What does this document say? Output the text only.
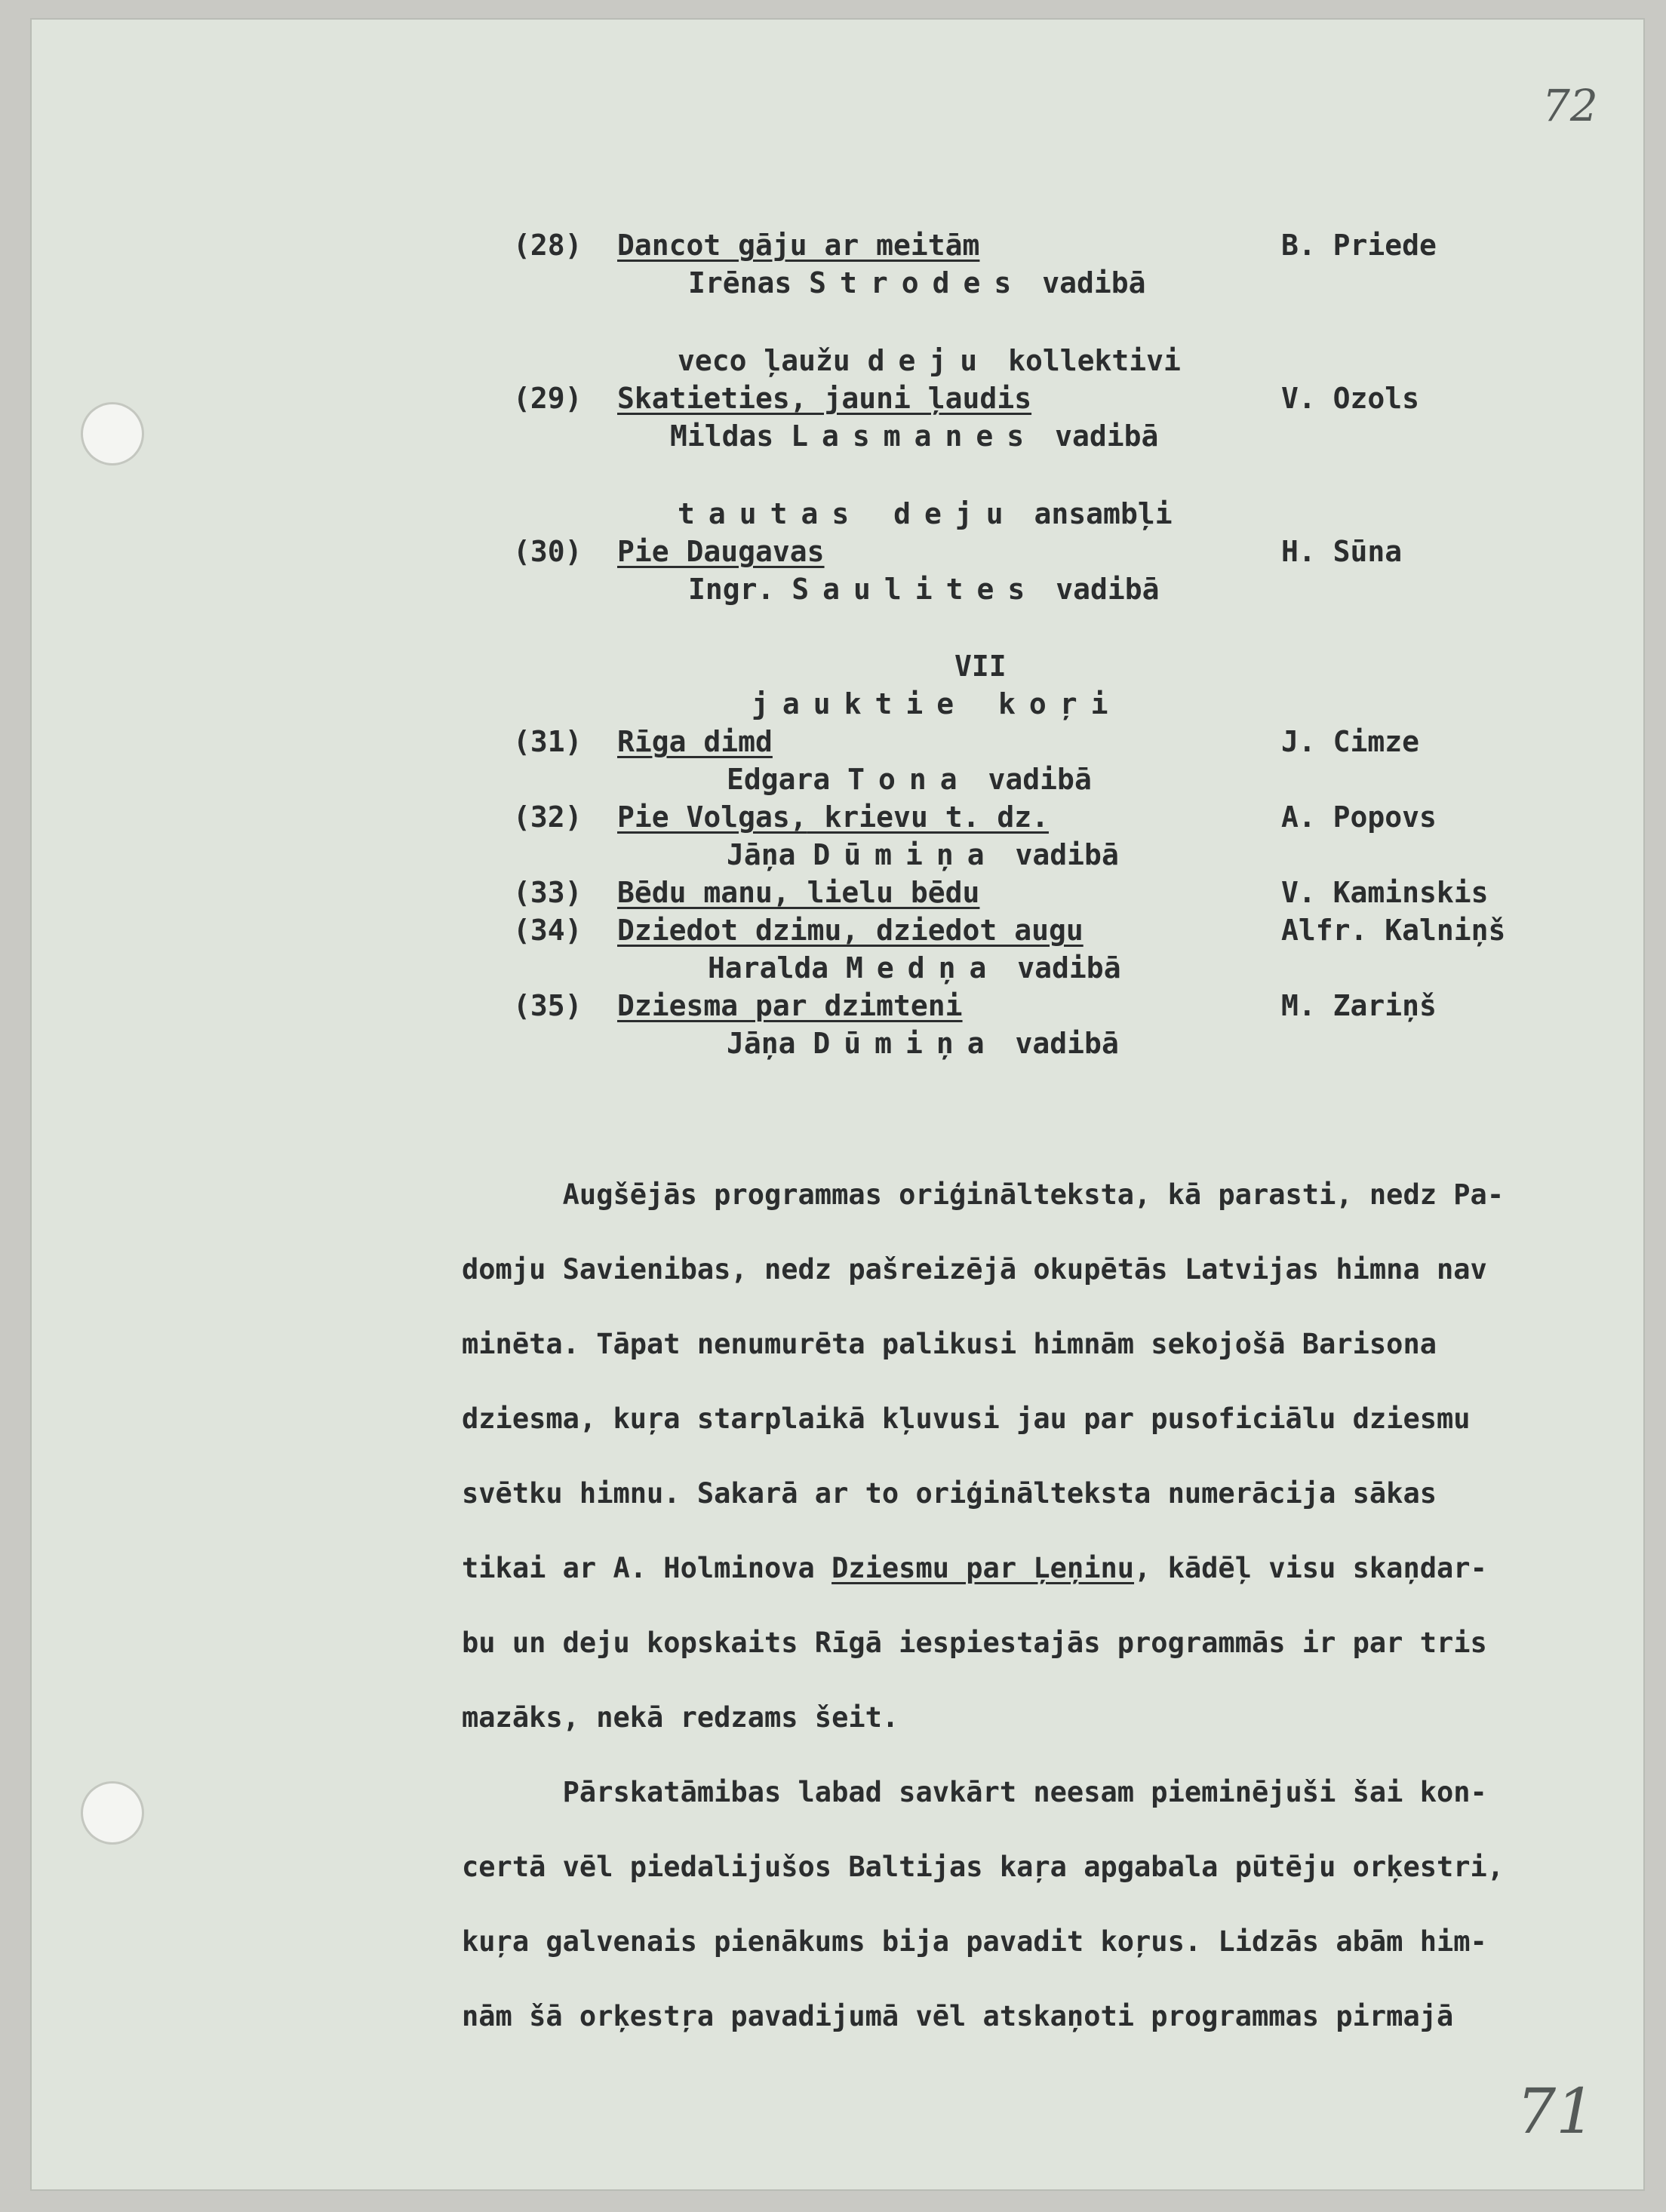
72
71
(28) Dancot gāju ar meitām	B. Priede
Irēnas Strodes vadibā
veco ļaužu deju kollektivi
(29) Skatieties, jauni ļaudis	V. Ozols
Mildas Lasmanes vadibā
tautas deju ansambļi
(30) Pie Daugavas	H. Sūna
Ingr. Saulites vadibā
VII
jauktie koŗi
(31) Rīga dimd	J. Cimze
Edgara Tona vadibā
(32) Pie Volgas, krievu t. dz.	A. Popovs
Jāņa Dūmiņa vadibā
(33) Bēdu manu, lielu bēdu	V. Kaminskis
(34) Dziedot dzimu, dziedot augu	Alfr. Kalniņš
Haralda Medņa vadibā
(35) Dziesma par dzimteni	M. Zariņš
Jāņa Dūmiņa vadibā

Augšējās programmas oriģinālteksta, kā parasti, nedz Pa-
domju Savienibas, nedz pašreizējā okupētās Latvijas himna nav
minēta. Tāpat nenumurēta palikusi himnām sekojošā Barisona
dziesma, kuŗa starplaikā kļuvusi jau par pusoficiālu dziesmu
svētku himnu. Sakarā ar to oriģinālteksta numerācija sākas
tikai ar A. Holminova Dziesmu par Ļeņinu, kādēļ visu skaņdar-
bu un deju kopskaits Rīgā iespiestajās programmās ir par tris
mazāks, nekā redzams šeit.

Pārskatāmibas labad savkārt neesam pieminējuši šai kon-
certā vēl piedalijušos Baltijas kaŗa apgabala pūtēju orķestri,
kuŗa galvenais pienākums bija pavadit koŗus. Lidzās abām him-
nām šā orķestŗa pavadijumā vēl atskaņoti programmas pirmajā
